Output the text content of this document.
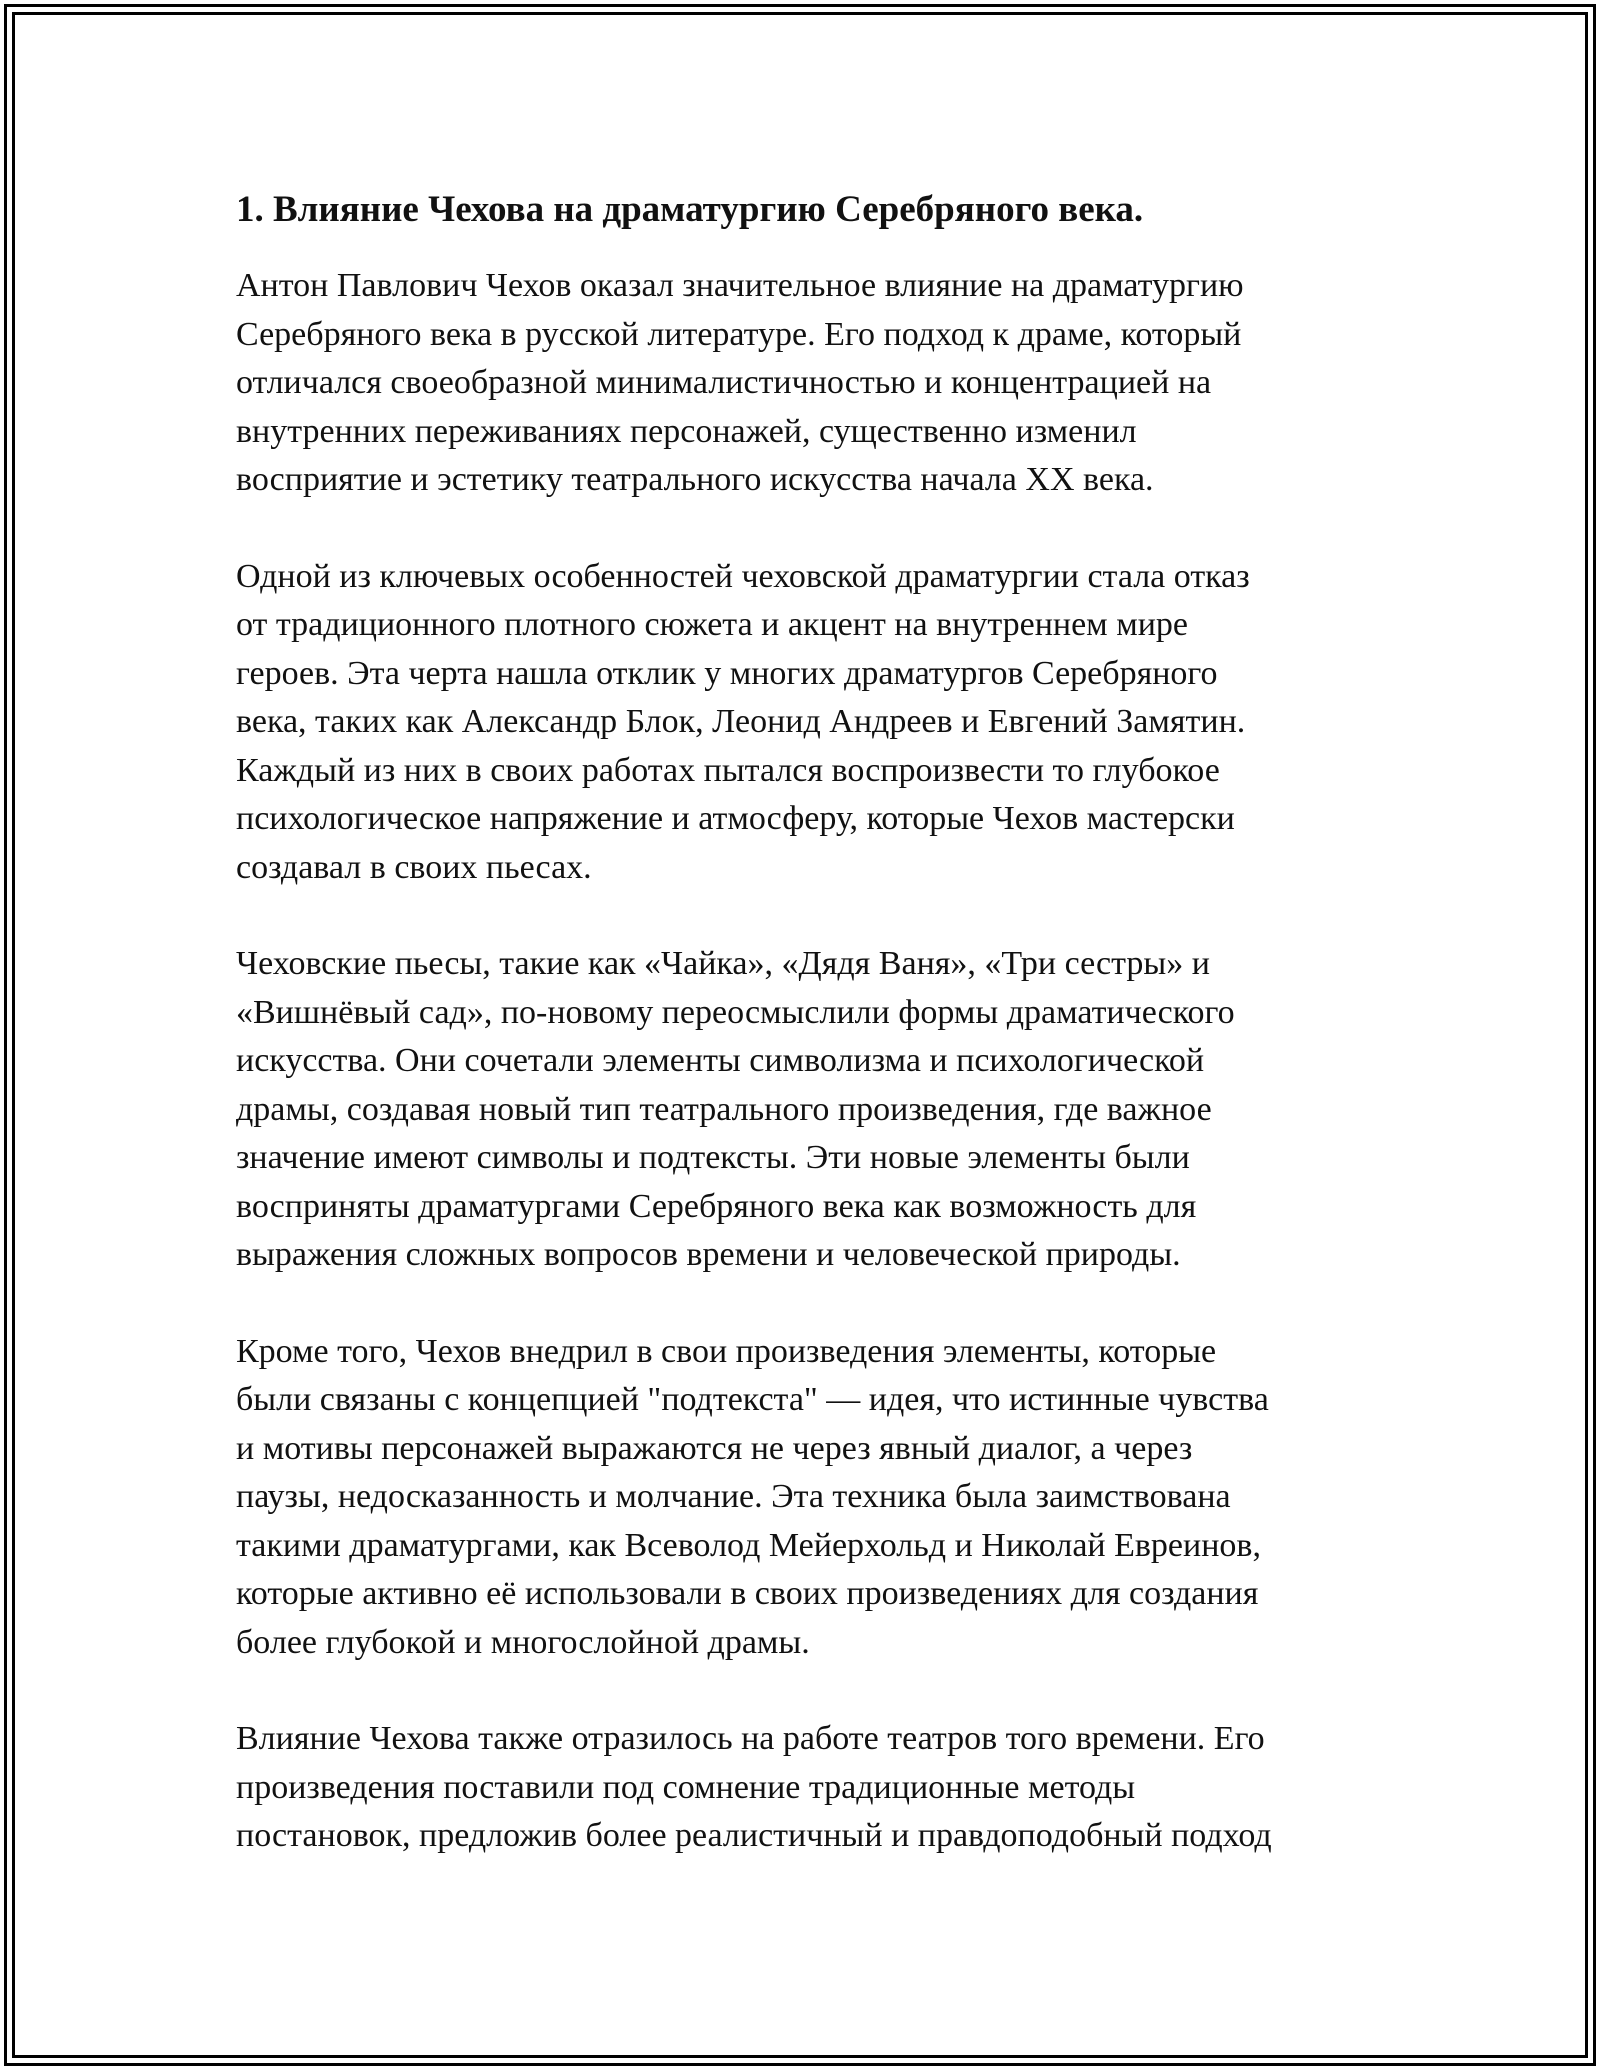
1. Влияние Чехова на драматургию Серебряного века.
Антон Павлович Чехов оказал значительное влияние на драматургию
Серебряного века в русской литературе. Его подход к драме, который
отличался своеобразной минималистичностью и концентрацией на
внутренних переживаниях персонажей, существенно изменил
восприятие и эстетику театрального искусства начала XX века.
Одной из ключевых особенностей чеховской драматургии стала отказ
от традиционного плотного сюжета и акцент на внутреннем мире
героев. Эта черта нашла отклик у многих драматургов Серебряного
века, таких как Александр Блок, Леонид Андреев и Евгений Замятин.
Каждый из них в своих работах пытался воспроизвести то глубокое
психологическое напряжение и атмосферу, которые Чехов мастерски
создавал в своих пьесах.
Чеховские пьесы, такие как «Чайка», «Дядя Ваня», «Три сестры» и
«Вишнёвый сад», по-новому переосмыслили формы драматического
искусства. Они сочетали элементы символизма и психологической
драмы, создавая новый тип театрального произведения, где важное
значение имеют символы и подтексты. Эти новые элементы были
восприняты драматургами Серебряного века как возможность для
выражения сложных вопросов времени и человеческой природы.
Кроме того, Чехов внедрил в свои произведения элементы, которые
были связаны с концепцией "подтекста" — идея, что истинные чувства
и мотивы персонажей выражаются не через явный диалог, а через
паузы, недосказанность и молчание. Эта техника была заимствована
такими драматургами, как Всеволод Мейерхольд и Николай Евреинов,
которые активно её использовали в своих произведениях для создания
более глубокой и многослойной драмы.
Влияние Чехова также отразилось на работе театров того времени. Его
произведения поставили под сомнение традиционные методы
постановок, предложив более реалистичный и правдоподобный подход
